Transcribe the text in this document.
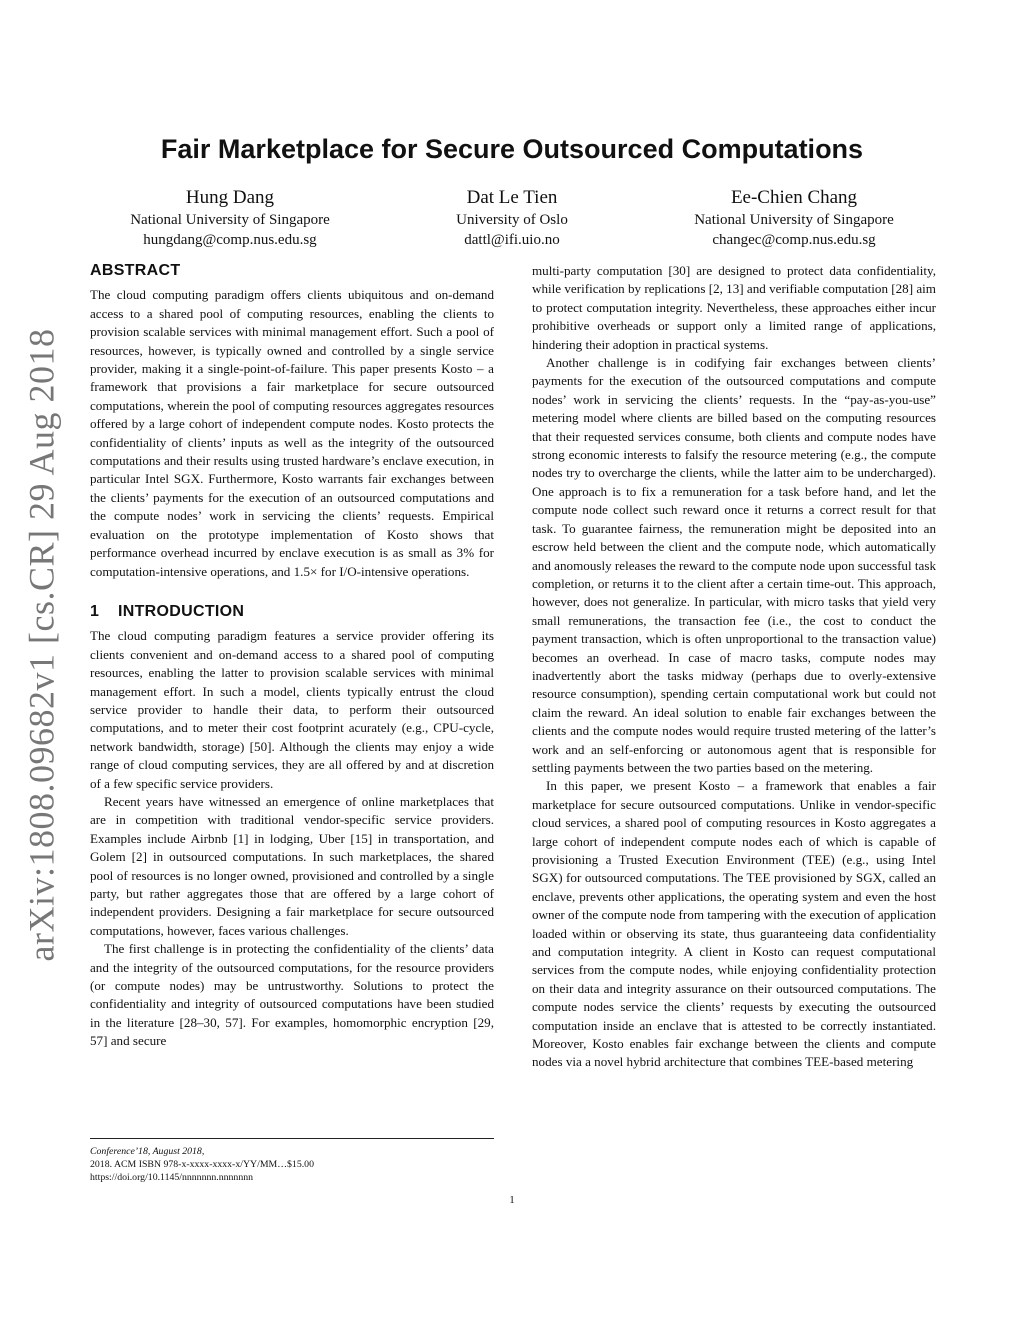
arXiv:1808.09682v1 [cs.CR] 29 Aug 2018
Fair Marketplace for Secure Outsourced Computations
Hung Dang
National University of Singapore
hungdang@comp.nus.edu.sg
Dat Le Tien
University of Oslo
dattl@ifi.uio.no
Ee-Chien Chang
National University of Singapore
changec@comp.nus.edu.sg
ABSTRACT

The cloud computing paradigm offers clients ubiquitous and on-demand access to a shared pool of computing resources, enabling the clients to provision scalable services with minimal management effort. Such a pool of resources, however, is typically owned and controlled by a single service provider, making it a single-point-of-failure. This paper presents Kosto – a framework that provisions a fair marketplace for secure outsourced computations, wherein the pool of computing resources aggregates resources offered by a large cohort of independent compute nodes. Kosto protects the confidentiality of clients’ inputs as well as the integrity of the outsourced computations and their results using trusted hardware’s enclave execution, in particular Intel SGX. Furthermore, Kosto warrants fair exchanges between the clients’ payments for the execution of an outsourced computations and the compute nodes’ work in servicing the clients’ requests. Empirical evaluation on the prototype implementation of Kosto shows that performance overhead incurred by enclave execution is as small as 3% for computation-intensive operations, and 1.5× for I/O-intensive operations.

1 INTRODUCTION

The cloud computing paradigm features a service provider offering its clients convenient and on-demand access to a shared pool of computing resources, enabling the latter to provision scalable services with minimal management effort. In such a model, clients typically entrust the cloud service provider to handle their data, to perform their outsourced computations, and to meter their cost footprint acurately (e.g., CPU-cycle, network bandwidth, storage) [50]. Although the clients may enjoy a wide range of cloud computing services, they are all offered by and at discretion of a few specific service providers.

Recent years have witnessed an emergence of online marketplaces that are in competition with traditional vendor-specific service providers. Examples include Airbnb [1] in lodging, Uber [15] in transportation, and Golem [2] in outsourced computations. In such marketplaces, the shared pool of resources is no longer owned, provisioned and controlled by a single party, but rather aggregates those that are offered by a large cohort of independent providers. Designing a fair marketplace for secure outsourced computations, however, faces various challenges.

The first challenge is in protecting the confidentiality of the clients’ data and the integrity of the outsourced computations, for the resource providers (or compute nodes) may be untrustworthy. Solutions to protect the confidentiality and integrity of outsourced computations have been studied in the literature [28–30, 57]. For examples, homomorphic encryption [29, 57] and secure

multi-party computation [30] are designed to protect data confidentiality, while verification by replications [2, 13] and verifiable computation [28] aim to protect computation integrity. Nevertheless, these approaches either incur prohibitive overheads or support only a limited range of applications, hindering their adoption in practical systems.

Another challenge is in codifying fair exchanges between clients’ payments for the execution of the outsourced computations and compute nodes’ work in servicing the clients’ requests. In the “pay-as-you-use” metering model where clients are billed based on the computing resources that their requested services consume, both clients and compute nodes have strong economic interests to falsify the resource metering (e.g., the compute nodes try to overcharge the clients, while the latter aim to be undercharged). One approach is to fix a remuneration for a task before hand, and let the compute node collect such reward once it returns a correct result for that task. To guarantee fairness, the remuneration might be deposited into an escrow held between the client and the compute node, which automatically and anomously releases the reward to the compute node upon successful task completion, or returns it to the client after a certain time-out. This approach, however, does not generalize. In particular, with micro tasks that yield very small remunerations, the transaction fee (i.e., the cost to conduct the payment transaction, which is often unproportional to the transaction value) becomes an overhead. In case of macro tasks, compute nodes may inadvertently abort the tasks midway (perhaps due to overly-extensive resource consumption), spending certain computational work but could not claim the reward. An ideal solution to enable fair exchanges between the clients and the compute nodes would require trusted metering of the latter’s work and an self-enforcing or autonomous agent that is responsible for settling payments between the two parties based on the metering.

In this paper, we present Kosto – a framework that enables a fair marketplace for secure outsourced computations. Unlike in vendor-specific cloud services, a shared pool of computing resources in Kosto aggregates a large cohort of independent compute nodes each of which is capable of provisioning a Trusted Execution Environment (TEE) (e.g., using Intel SGX) for outsourced computations. The TEE provisioned by SGX, called an enclave, prevents other applications, the operating system and even the host owner of the compute node from tampering with the execution of application loaded within or observing its state, thus guaranteeing data confidentiality and computation integrity. A client in Kosto can request computational services from the compute nodes, while enjoying confidentiality protection on their data and integrity assurance on their outsourced computations. The compute nodes service the clients’ requests by executing the outsourced computation inside an enclave that is attested to be correctly instantiated. Moreover, Kosto enables fair exchange between the clients and compute nodes via a novel hybrid architecture that combines TEE-based metering

Conference’18, August 2018,
2018. ACM ISBN 978-x-xxxx-xxxx-x/YY/MM…$15.00
https://doi.org/10.1145/nnnnnnn.nnnnnnn
1
